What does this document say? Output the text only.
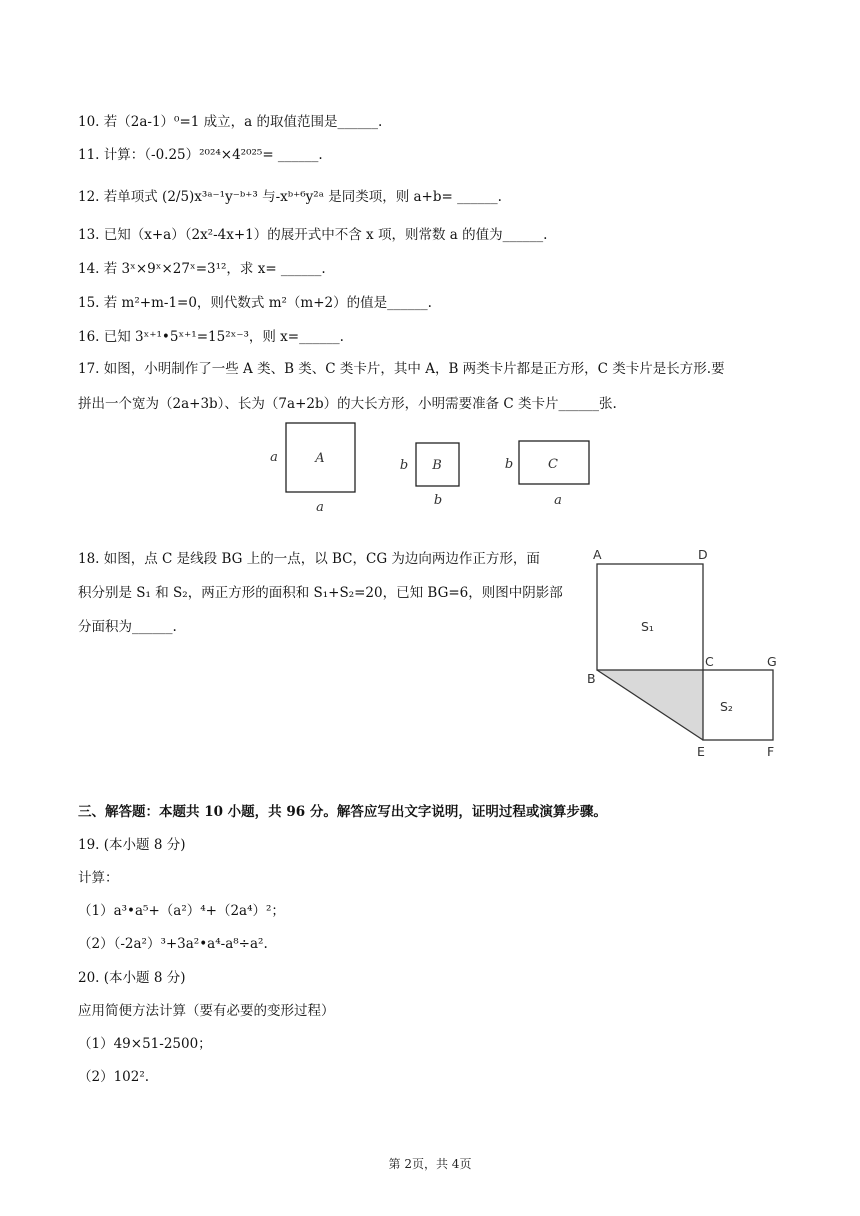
10. 若（2a-1）⁰=1 成立，a 的取值范围是______.
11. 计算：（-0.25）²⁰²⁴×4²⁰²⁵= ______.
12. 若单项式 (2/5)x³ᵃ⁻¹y⁻ᵇ⁺³ 与-xᵇ⁺⁶y²ᵃ 是同类项，则 a+b= ______.
13. 已知（x+a）（2x²-4x+1）的展开式中不含 x 项，则常数 a 的值为______.
14. 若 3ˣ×9ˣ×27ˣ=3¹²，求 x= ______.
15. 若 m²+m-1=0，则代数式 m²（m+2）的值是______.
16. 已知 3ˣ⁺¹•5ˣ⁺¹=15²ˣ⁻³，则 x=______.
17. 如图，小明制作了一些 A 类、B 类、C 类卡片，其中 A，B 两类卡片都是正方形，C 类卡片是长方形.要
拼出一个宽为（2a+3b）、长为（7a+2b）的大长方形，小明需要准备 C 类卡片______张.
A
a
a
B
b
b
C
b
a
18. 如图，点 C 是线段 BG 上的一点，以 BC，CG 为边向两边作正方形，面
积分别是 S₁ 和 S₂，两正方形的面积和 S₁+S₂=20，已知 BG=6，则图中阴影部
分面积为______.
A	D
B
C	G
E	F
S₁
S₂
三、解答题：本题共 10 小题，共 96 分。解答应写出文字说明，证明过程或演算步骤。
19. (本小题 8 分)
计算：
（1）a³•a⁵+（a²）⁴+（2a⁴）²；
（2）（-2a²）³+3a²•a⁴-a⁸÷a².
20. (本小题 8 分)
应用简便方法计算（要有必要的变形过程）
（1）49×51-2500；
（2）102².
第 2页，共 4页
